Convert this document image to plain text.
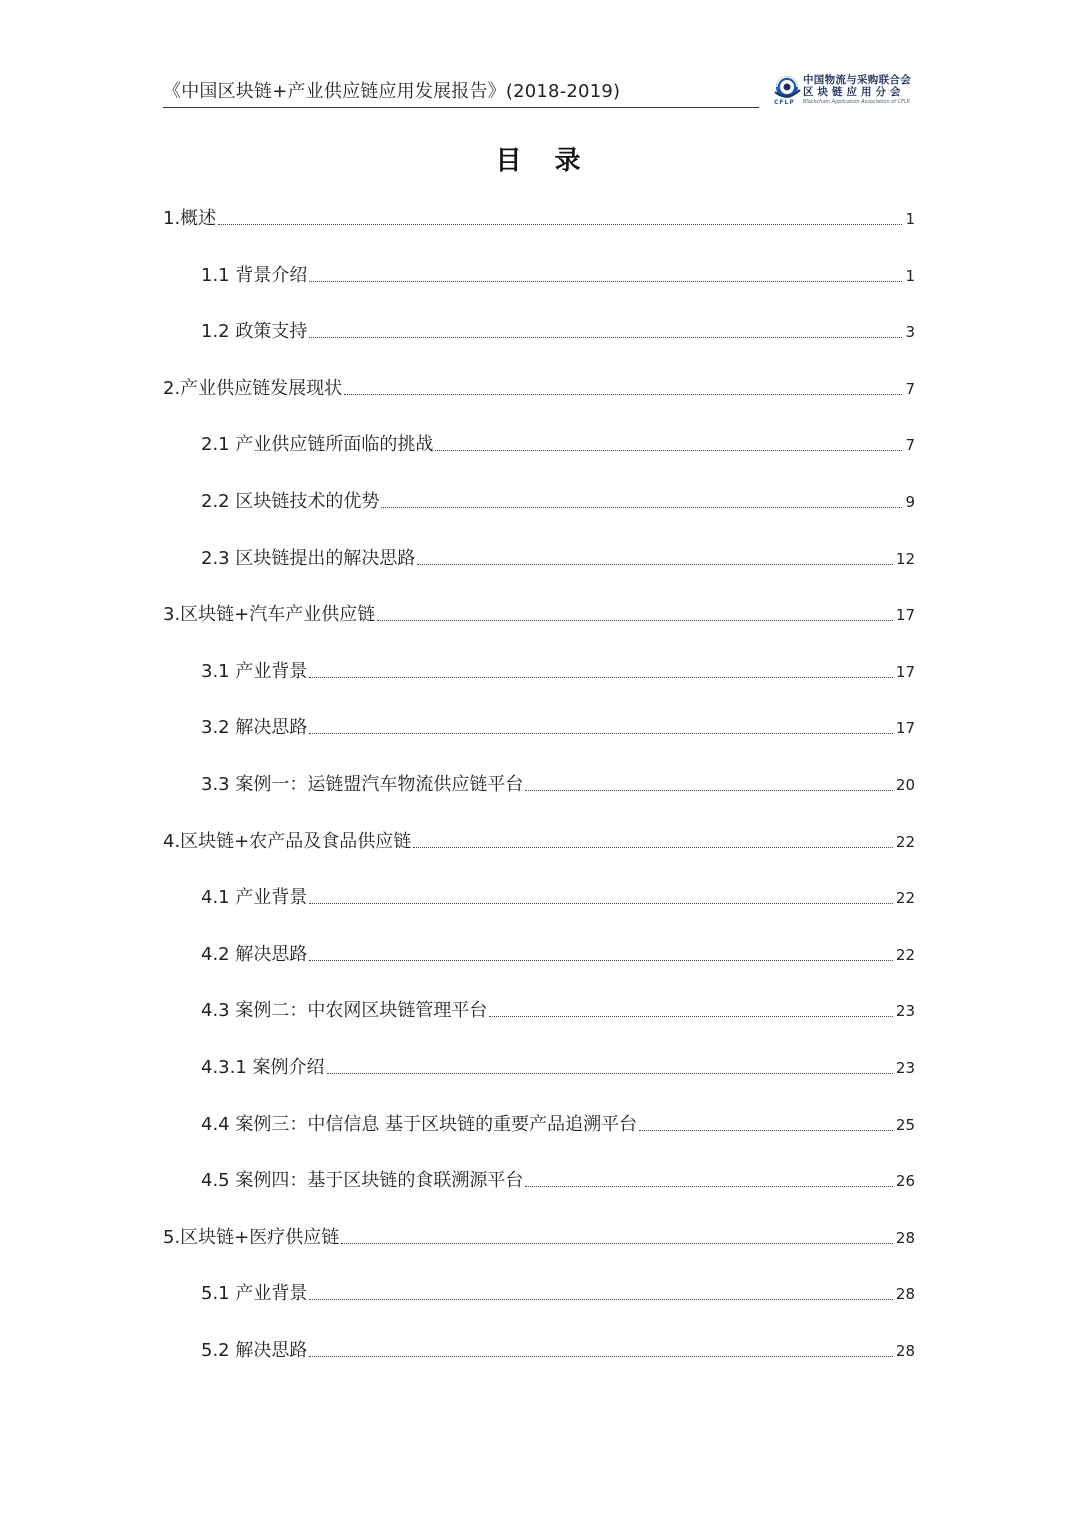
《中国区块链+产业供应链应用发展报告》(2018-2019)
CFLP
中国物流与采购联合会
区块链应用分会
Blockchain Application Association of CFLP
目 录
1.概述	1
1.1 背景介绍	1
1.2 政策支持	3
2.产业供应链发展现状	7
2.1 产业供应链所面临的挑战	7
2.2 区块链技术的优势	9
2.3 区块链提出的解决思路	12
3.区块链+汽车产业供应链	17
3.1 产业背景	17
3.2 解决思路	17
3.3 案例一：运链盟汽车物流供应链平台	20
4.区块链+农产品及食品供应链	22
4.1 产业背景	22
4.2 解决思路	22
4.3 案例二：中农网区块链管理平台	23
4.3.1 案例介绍	23
4.4 案例三：中信信息 基于区块链的重要产品追溯平台	25
4.5 案例四：基于区块链的食联溯源平台	26
5.区块链+医疗供应链	28
5.1 产业背景	28
5.2 解决思路	28
